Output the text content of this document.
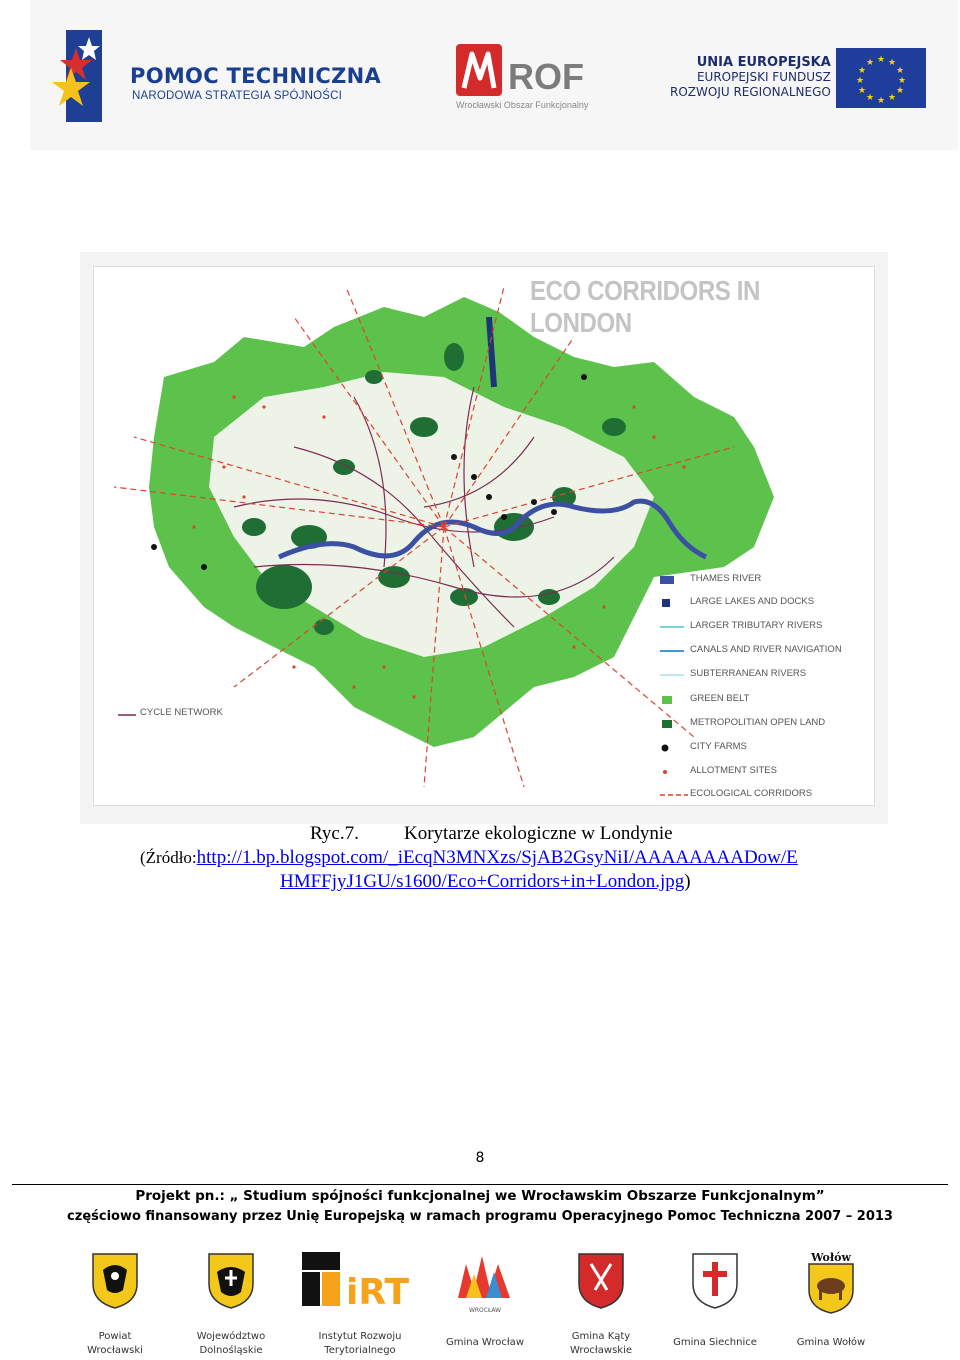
POMOC TECHNICZNA
NARODOWA STRATEGIA SPÓJNOŚCI	ROF
Wrocławski Obszar Funkcjonalny
UNIA EUROPEJSKA
EUROPEJSKI FUNDUSZ
ROZWOJU REGIONALNEGO
★ ★
★
★
★
★
★
★
★
★
★
★
ECO CORRIDORS IN LONDON
CYCLE NETWORK
THAMES RIVER
LARGE LAKES AND DOCKS
LARGER TRIBUTARY RIVERS
CANALS AND RIVER NAVIGATION
SUBTERRANEAN RIVERS
GREEN BELT
METROPOLITIAN OPEN LAND
CITY FARMS
ALLOTMENT SITES
ECOLOGICAL CORRIDORS
Ryc.7. Korytarze ekologiczne w Londynie
(Źródło:http://1.bp.blogspot.com/_iEcqN3MNXzs/SjAB2GsyNiI/AAAAAAAADow/E
HMFFjyJ1GU/s1600/Eco+Corridors+in+London.jpg)
8
Projekt pn.: „ Studium spójności funkcjonalnej we Wrocławskim Obszarze Funkcjonalnym”
częściowo finansowany przez Unię Europejską w ramach programu Operacyjnego Pomoc Techniczna 2007 – 2013
Powiat
Wrocławski
Województwo
Dolnośląskie
iRT
Instytut Rozwoju
Terytorialnego
WROCŁAW
Gmina Wrocław
Gmina Kąty
Wrocławskie
Gmina Siechnice
Wołów
Gmina Wołów
